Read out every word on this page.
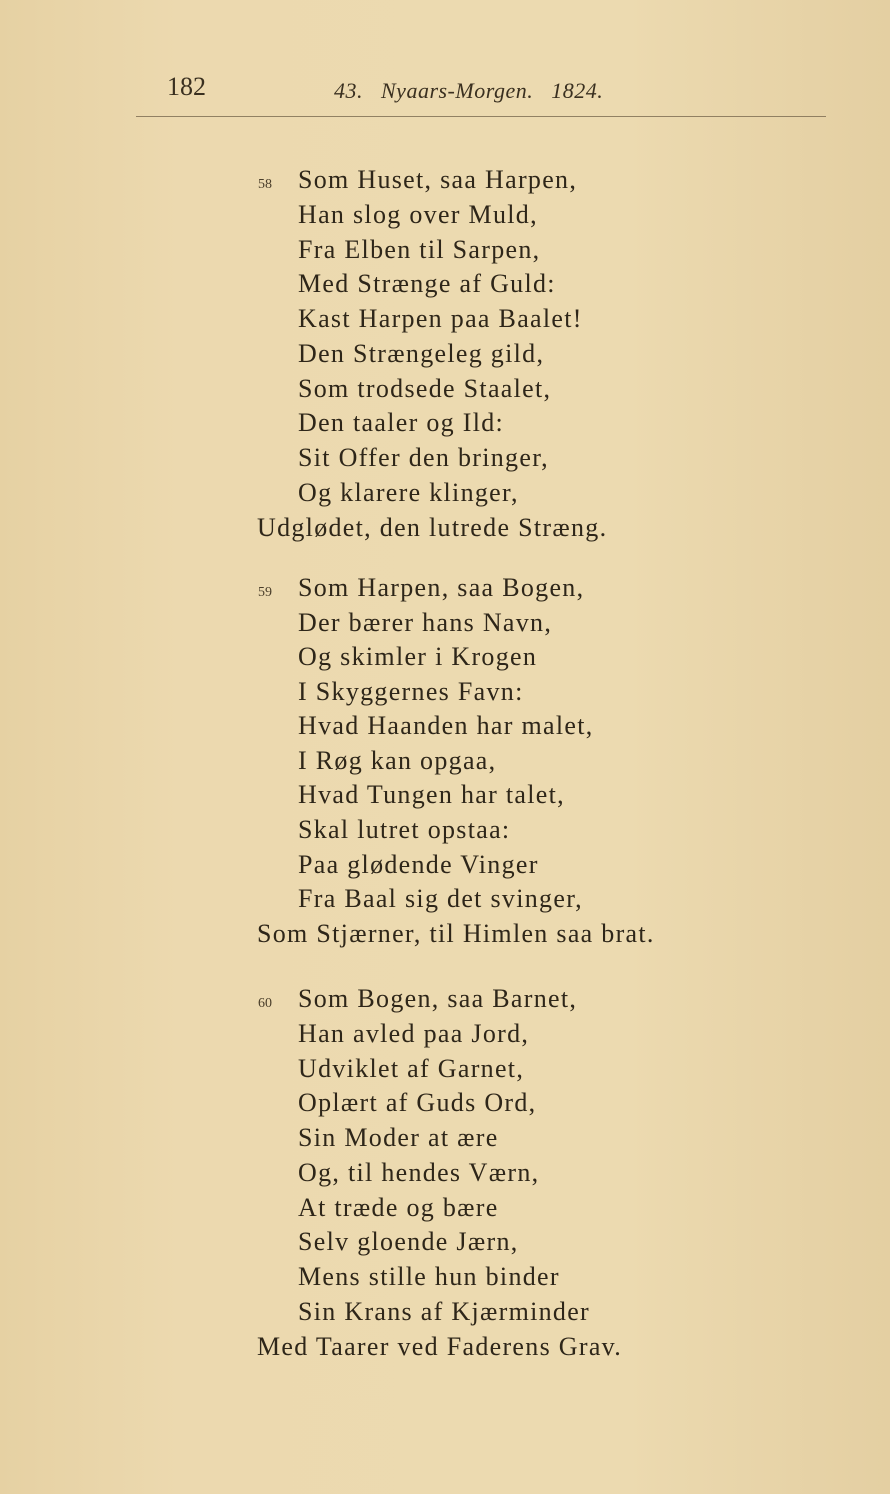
182	43.   Nyaars-Morgen.   1824.
58 Som Huset, saa Harpen,
Han slog over Muld,
Fra Elben til Sarpen,
Med Strænge af Guld:
Kast Harpen paa Baalet!
Den Strængeleg gild,
Som trodsede Staalet,
Den taaler og Ild:
Sit Offer den bringer,
Og klarere klinger,
Udglødet, den lutrede Stræng.
59 Som Harpen, saa Bogen,
Der bærer hans Navn,
Og skimler i Krogen
I Skyggernes Favn:
Hvad Haanden har malet,
I Røg kan opgaa,
Hvad Tungen har talet,
Skal lutret opstaa:
Paa glødende Vinger
Fra Baal sig det svinger,
Som Stjærner, til Himlen saa brat.
60 Som Bogen, saa Barnet,
Han avled paa Jord,
Udviklet af Garnet,
Oplært af Guds Ord,
Sin Moder at ære
Og, til hendes Værn,
At træde og bære
Selv gloende Jærn,
Mens stille hun binder
Sin Krans af Kjærminder
Med Taarer ved Faderens Grav.
